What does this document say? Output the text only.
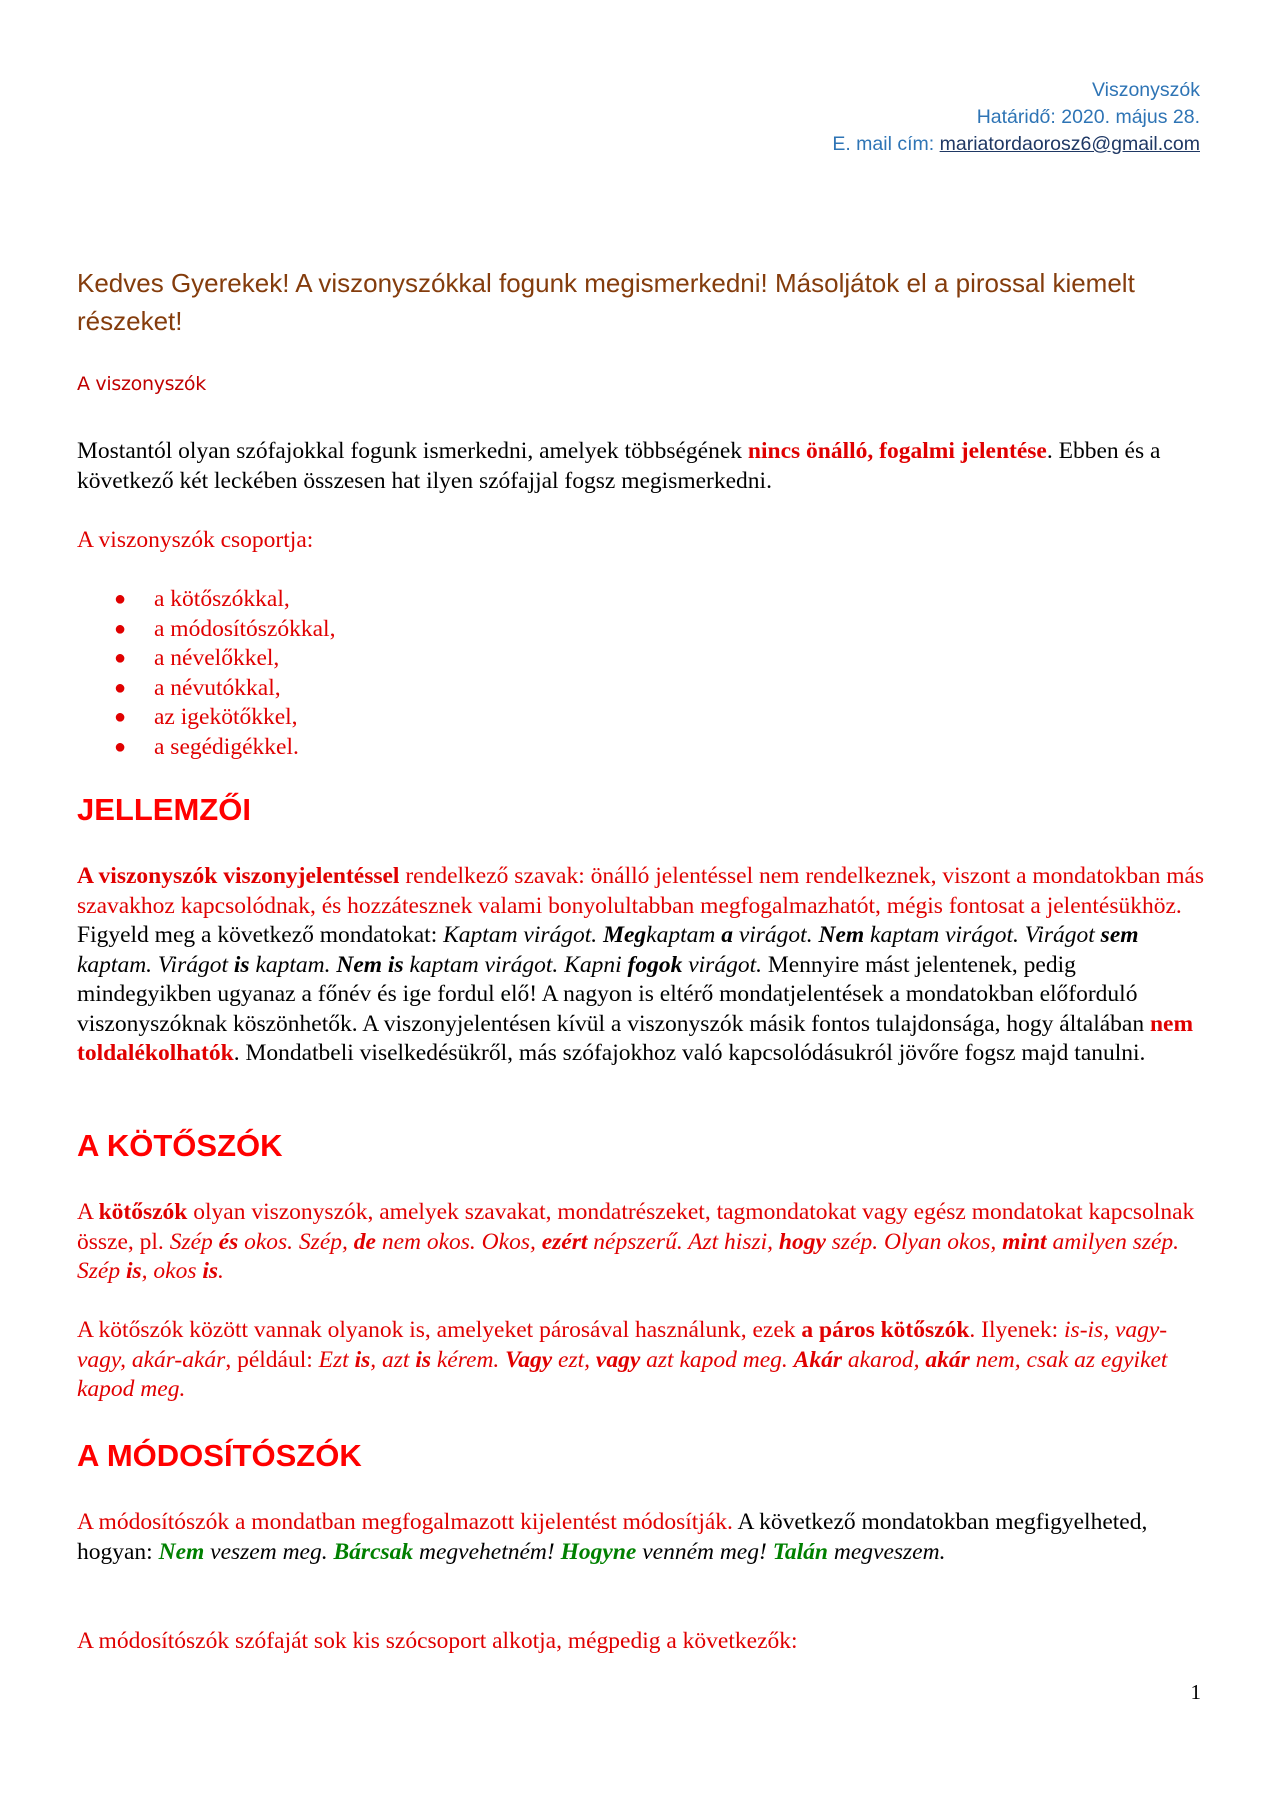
Viszonyszók
Határidő: 2020. május 28.
E. mail cím: mariatordaorosz6@gmail.com
Kedves Gyerekek! A viszonyszókkal fogunk megismerkedni! Másoljátok el a pirossal kiemelt részeket!
A viszonyszók
Mostantól olyan szófajokkal fogunk ismerkedni, amelyek többségének nincs önálló, fogalmi jelentése. Ebben és a következő két leckében összesen hat ilyen szófajjal fogsz megismerkedni.
A viszonyszók csoportja:
● a kötőszókkal,
● a módosítószókkal,
● a névelőkkel,
● a névutókkal,
● az igekötőkkel,
● a segédigékkel.
JELLEMZŐI
A viszonyszók viszonyjelentéssel rendelkező szavak: önálló jelentéssel nem rendelkeznek, viszont a mondatokban más szavakhoz kapcsolódnak, és hozzátesznek valami bonyolultabban megfogalmazhatót, mégis fontosat a jelentésükhöz. Figyeld meg a következő mondatokat: Kaptam virágot. Megkaptam a virágot. Nem kaptam virágot. Virágot sem kaptam. Virágot is kaptam. Nem is kaptam virágot. Kapni fogok virágot. Mennyire mást jelentenek, pedig mindegyikben ugyanaz a főnév és ige fordul elő! A nagyon is eltérő mondatjelentések a mondatokban előforduló viszonyszóknak köszönhetők. A viszonyjelentésen kívül a viszonyszók másik fontos tulajdonsága, hogy általában nem toldalékolhatók. Mondatbeli viselkedésükről, más szófajokhoz való kapcsolódásukról jövőre fogsz majd tanulni.
A KÖTŐSZÓK
A kötőszók olyan viszonyszók, amelyek szavakat, mondatrészeket, tagmondatokat vagy egész mondatokat kapcsolnak össze, pl. Szép és okos. Szép, de nem okos. Okos, ezért népszerű. Azt hiszi, hogy szép. Olyan okos, mint amilyen szép. Szép is, okos is.
A kötőszók között vannak olyanok is, amelyeket párosával használunk, ezek a páros kötőszók. Ilyenek: is-is, vagy-vagy, akár-akár, például: Ezt is, azt is kérem. Vagy ezt, vagy azt kapod meg. Akár akarod, akár nem, csak az egyiket kapod meg.
A MÓDOSÍTÓSZÓK
A módosítószók a mondatban megfogalmazott kijelentést módosítják. A következő mondatokban megfigyelheted, hogyan: Nem veszem meg. Bárcsak megvehetném! Hogyne venném meg! Talán megveszem.
A módosítószók szófaját sok kis szócsoport alkotja, mégpedig a következők:
1
